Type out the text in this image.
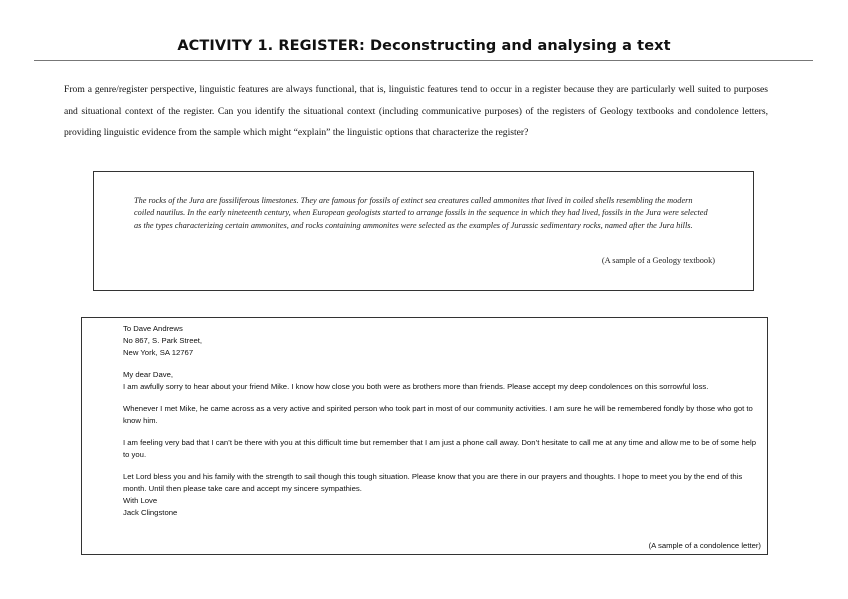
ACTIVITY 1. REGISTER: Deconstructing and analysing a text
From a genre/register perspective, linguistic features are always functional, that is, linguistic features tend to occur in a register because they are particularly well suited to purposes and situational context of the register. Can you identify the situational context (including communicative purposes) of the registers of Geology textbooks and condolence letters, providing linguistic evidence from the sample which might “explain” the linguistic options that characterize the register?
The rocks of the Jura are fossiliferous limestones. They are famous for fossils of extinct sea creatures called ammonites that lived in coiled shells resembling the modern coiled nautilus. In the early nineteenth century, when European geologists started to arrange fossils in the sequence in which they had lived, fossils in the Jura were selected as the types characterizing certain ammonites, and rocks containing ammonites were selected as the examples of Jurassic sedimentary rocks, named after the Jura hills.
(A sample of a Geology textbook)
To Dave Andrews
No 867, S. Park Street,
New York, SA 12767
My dear Dave,
I am awfully sorry to hear about your friend Mike. I know how close you both were as brothers more than friends. Please accept my deep condolences on this sorrowful loss.
Whenever I met Mike, he came across as a very active and spirited person who took part in most of our community activities. I am sure he will be remembered fondly by those who got to know him.
I am feeling very bad that I can’t be there with you at this difficult time but remember that I am just a phone call away. Don’t hesitate to call me at any time and allow me to be of some help to you.
Let Lord bless you and his family with the strength to sail though this tough situation. Please know that you are there in our prayers and thoughts. I hope to meet you by the end of this month. Until then please take care and accept my sincere sympathies.
With Love
Jack Clingstone
(A sample of a condolence letter)
